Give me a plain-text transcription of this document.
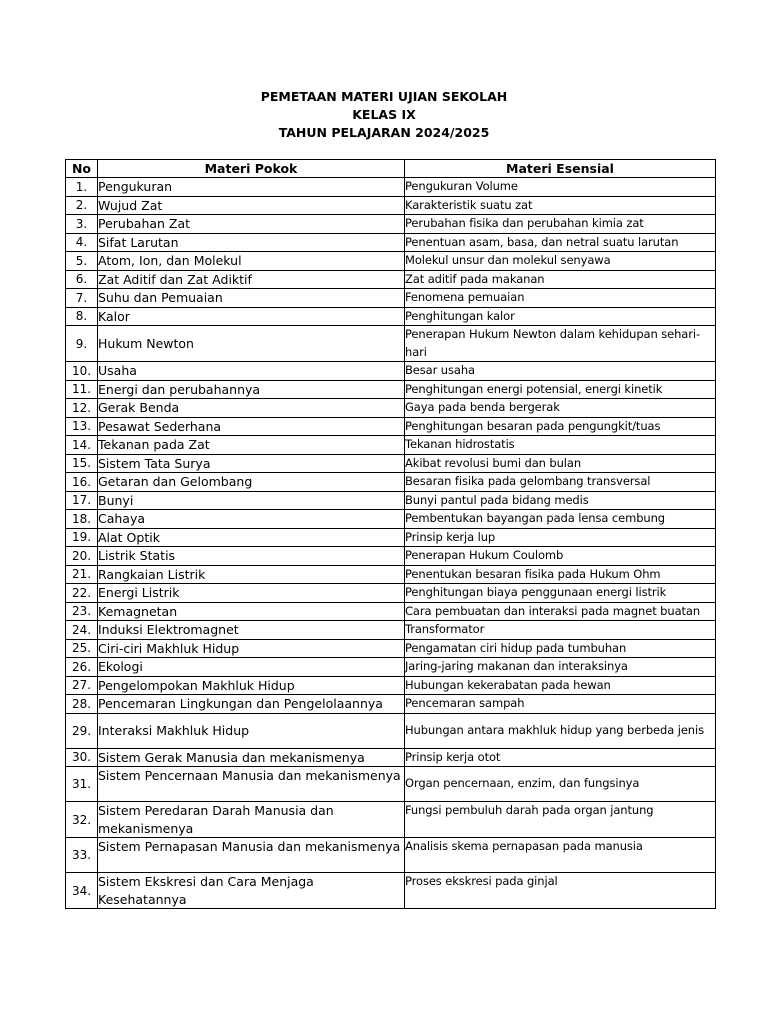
PEMETAAN MATERI UJIAN SEKOLAH
KELAS IX
TAHUN PELAJARAN 2024/2025
No	Materi Pokok	Materi Esensial
1.	Pengukuran	Pengukuran Volume
2.	Wujud Zat	Karakteristik suatu zat
3.	Perubahan Zat	Perubahan fisika dan perubahan kimia zat
4.	Sifat Larutan	Penentuan asam, basa, dan netral suatu larutan
5.	Atom, Ion, dan Molekul	Molekul unsur dan molekul senyawa
6.	Zat Aditif dan Zat Adiktif	Zat aditif pada makanan
7.	Suhu dan Pemuaian	Fenomena pemuaian
8.	Kalor	Penghitungan kalor
9.	Hukum Newton	Penerapan Hukum Newton dalam kehidupan sehari-hari
10.	Usaha	Besar usaha
11.	Energi dan perubahannya	Penghitungan energi potensial, energi kinetik
12.	Gerak Benda	Gaya pada benda bergerak
13.	Pesawat Sederhana	Penghitungan besaran pada pengungkit/tuas
14.	Tekanan pada Zat	Tekanan hidrostatis
15.	Sistem Tata Surya	Akibat revolusi bumi dan bulan
16.	Getaran dan Gelombang	Besaran fisika pada gelombang transversal
17.	Bunyi	Bunyi pantul pada bidang medis
18.	Cahaya	Pembentukan bayangan pada lensa cembung
19.	Alat Optik	Prinsip kerja lup
20.	Listrik Statis	Penerapan Hukum Coulomb
21.	Rangkaian Listrik	Penentukan besaran fisika pada Hukum Ohm
22.	Energi Listrik	Penghitungan biaya penggunaan energi listrik
23.	Kemagnetan	Cara pembuatan dan interaksi pada magnet buatan
24.	Induksi Elektromagnet	Transformator
25.	Ciri-ciri Makhluk Hidup	Pengamatan ciri hidup pada tumbuhan
26.	Ekologi	Jaring-jaring makanan dan interaksinya
27.	Pengelompokan Makhluk Hidup	Hubungan kekerabatan pada hewan
28.	Pencemaran Lingkungan dan Pengelolaannya	Pencemaran sampah
29.	Interaksi Makhluk Hidup	Hubungan antara makhluk hidup yang berbeda jenis
30.	Sistem Gerak Manusia dan mekanismenya	Prinsip kerja otot
31.	Sistem Pencernaan Manusia dan mekanismenya	Organ pencernaan, enzim, dan fungsinya
32.	Sistem Peredaran Darah Manusia dan mekanismenya	Fungsi pembuluh darah pada organ jantung
33.	Sistem Pernapasan Manusia dan mekanismenya	Analisis skema pernapasan pada manusia
34.	Sistem Ekskresi dan Cara Menjaga Kesehatannya	Proses ekskresi pada ginjal
